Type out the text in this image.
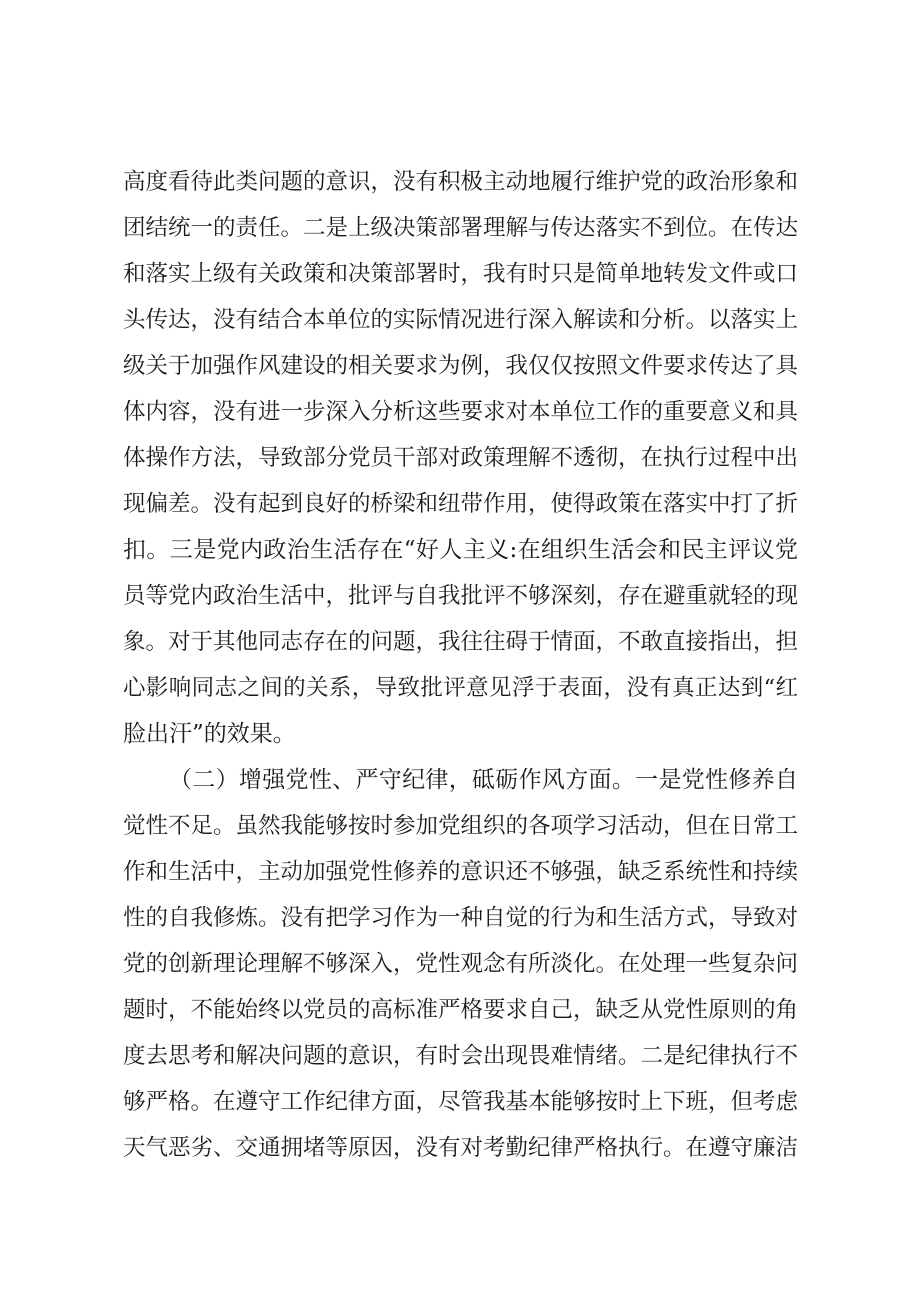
高度看待此类问题的意识，没有积极主动地履行维护党的政治形象和
团结统一的责任。二是上级决策部署理解与传达落实不到位。在传达
和落实上级有关政策和决策部署时，我有时只是简单地转发文件或口
头传达，没有结合本单位的实际情况进行深入解读和分析。以落实上
级关于加强作风建设的相关要求为例，我仅仅按照文件要求传达了具
体内容，没有进一步深入分析这些要求对本单位工作的重要意义和具
体操作方法，导致部分党员干部对政策理解不透彻，在执行过程中出
现偏差。没有起到良好的桥梁和纽带作用，使得政策在落实中打了折
扣。三是党内政治生活存在“好人主义:在组织生活会和民主评议党
员等党内政治生活中，批评与自我批评不够深刻，存在避重就轻的现
象。对于其他同志存在的问题，我往往碍于情面，不敢直接指出，担
心影响同志之间的关系，导致批评意见浮于表面，没有真正达到“红
脸出汗”的效果。
（二）增强党性、严守纪律，砥砺作风方面。一是党性修养自
觉性不足。虽然我能够按时参加党组织的各项学习活动，但在日常工
作和生活中，主动加强党性修养的意识还不够强，缺乏系统性和持续
性的自我修炼。没有把学习作为一种自觉的行为和生活方式，导致对
党的创新理论理解不够深入，党性观念有所淡化。在处理一些复杂问
题时，不能始终以党员的高标准严格要求自己，缺乏从党性原则的角
度去思考和解决问题的意识，有时会出现畏难情绪。二是纪律执行不
够严格。在遵守工作纪律方面，尽管我基本能够按时上下班，但考虑
天气恶劣、交通拥堵等原因，没有对考勤纪律严格执行。在遵守廉洁
